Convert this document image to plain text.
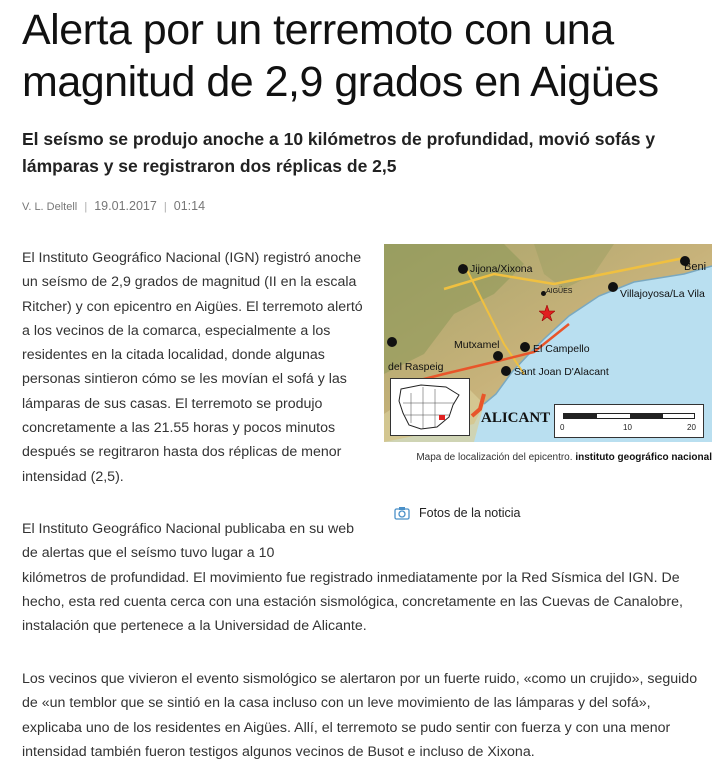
Alerta por un terremoto con una magnitud de 2,9 grados en Aigües
El seísmo se produjo anoche a 10 kilómetros de profundidad, movió sofás y lámparas y se registraron dos réplicas de 2,5
V. L. Deltell | 19.01.2017 | 01:14

El Instituto Geográfico Nacional (IGN) registró anoche un seísmo de 2,9 grados de magnitud (II en la escala Ritcher) y con epicentro en Aigües. El terremoto alertó a los vecinos de la comarca, especialmente a los residentes en la citada localidad, donde algunas personas sintieron cómo se les movían el sofá y las lámparas de sus casas. El terremoto se produjo concretamente a las 21.55 horas y pocos minutos después se regitraron hasta dos réplicas de menor intensidad (2,5).

Jijona/Xixona	Beni
AIGÜES	Villajoyosa/La Vila
Mutxamel	El Campello
del Raspeig	Sant Joan D'Alacant
ALICANT
0	10	20
Mapa de localización del epicentro. instituto geográfico nacional
Fotos de la noticia

El Instituto Geográfico Nacional publicaba en su web de alertas que el seísmo tuvo lugar a 10
kilómetros de profundidad. El movimiento fue registrado inmediatamente por la Red Sísmica del IGN. De hecho, esta red cuenta cerca con una estación sismológica, concretamente en las Cuevas de Canalobre, instalación que pertenece a la Universidad de Alicante.

Los vecinos que vivieron el evento sismológico se alertaron por un fuerte ruido, «como un crujido», seguido de «un temblor que se sintió en la casa incluso con un leve movimiento de las lámparas y del sofá», explicaba uno de los residentes en Aigües. Allí, el terremoto se pudo sentir con fuerza y con una menor intensidad también fueron testigos algunos vecinos de Busot e incluso de Xixona.
